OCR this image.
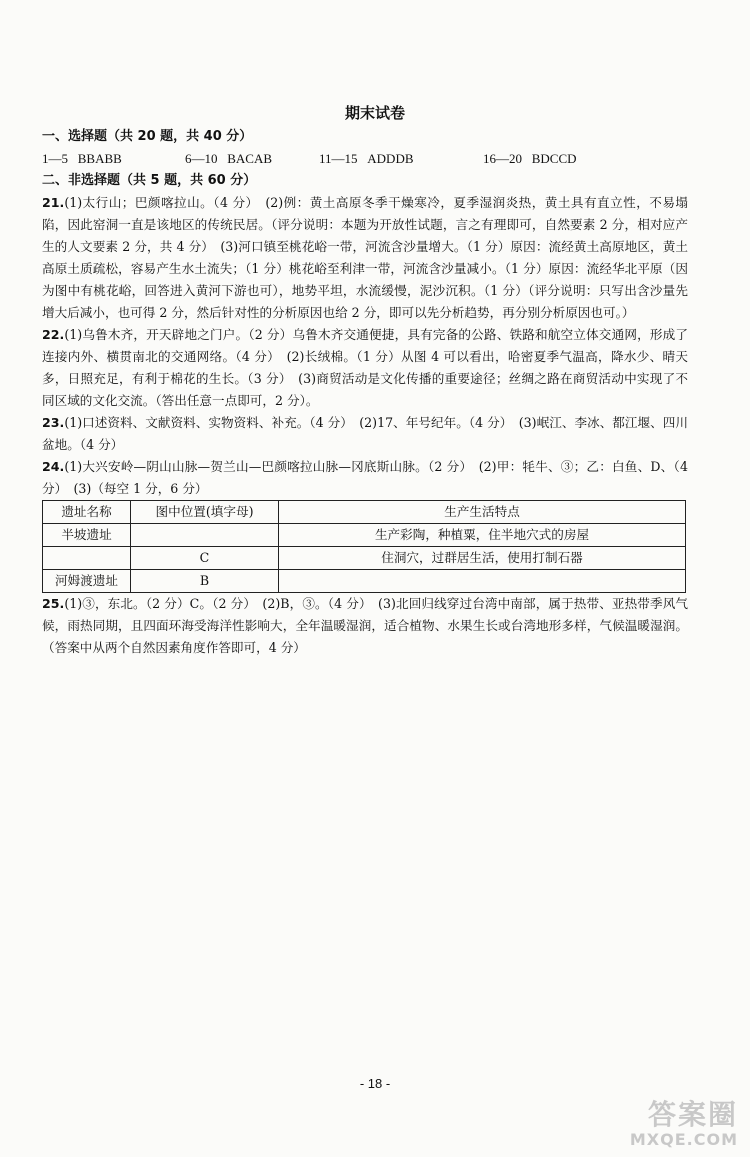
期末试卷
一、选择题（共 20 题，共 40 分）
1—5 BBABB	6—10 BACAB	11—15 ADDDB	16—20 BDCCD
二、非选择题（共 5 题，共 60 分）
21.(1)太行山；巴颜喀拉山。（4 分）　(2)例：黄土高原冬季干燥寒冷，夏季湿润炎热，黄土具有直立性，不易塌陷，因此窑洞一直是该地区的传统民居。（评分说明：本题为开放性试题，言之有理即可，自然要素 2 分，相对应产生的人文要素 2 分，共 4 分）　(3)河口镇至桃花峪一带，河流含沙量增大。（1 分）原因：流经黄土高原地区，黄土高原土质疏松，容易产生水土流失；（1 分）桃花峪至利津一带，河流含沙量减小。（1 分）原因：流经华北平原（因为图中有桃花峪，回答进入黄河下游也可），地势平坦，水流缓慢，泥沙沉积。（1 分）（评分说明：只写出含沙量先增大后减小，也可得 2 分，然后针对性的分析原因也给 2 分，即可以先分析趋势，再分别分析原因也可。）
22.(1)乌鲁木齐，开天辟地之门户。（2 分）乌鲁木齐交通便捷，具有完备的公路、铁路和航空立体交通网，形成了连接内外、横贯南北的交通网络。（4 分）　(2)长绒棉。（1 分）从图 4 可以看出，哈密夏季气温高，降水少、晴天多，日照充足，有利于棉花的生长。（3 分）　(3)商贸活动是文化传播的重要途径；丝绸之路在商贸活动中实现了不同区域的文化交流。（答出任意一点即可，2 分）。
23.(1)口述资料、文献资料、实物资料、补充。（4 分）　(2)17、年号纪年。（4 分）　(3)岷江、李冰、都江堰、四川盆地。（4 分）
24.(1)大兴安岭—阴山山脉—贺兰山—巴颜喀拉山脉—冈底斯山脉。（2 分）　(2)甲：牦牛、③；乙：白鱼、D、（4 分）　(3)（每空 1 分，6 分）
遗址名称	图中位置(填字母)	生产生活特点
半坡遗址		生产彩陶，种植粟，住半地穴式的房屋
	C	住洞穴，过群居生活，使用打制石器
河姆渡遗址	B	
25.(1)③，东北。（2 分）C。（2 分）　(2)B，③。（4 分）　(3)北回归线穿过台湾中南部，属于热带、亚热带季风气候，雨热同期，且四面环海受海洋性影响大，全年温暖湿润，适合植物、水果生长或台湾地形多样，气候温暖湿润。（答案中从两个自然因素角度作答即可，4 分）
- 18 -
答案圈
MXQE.COM
